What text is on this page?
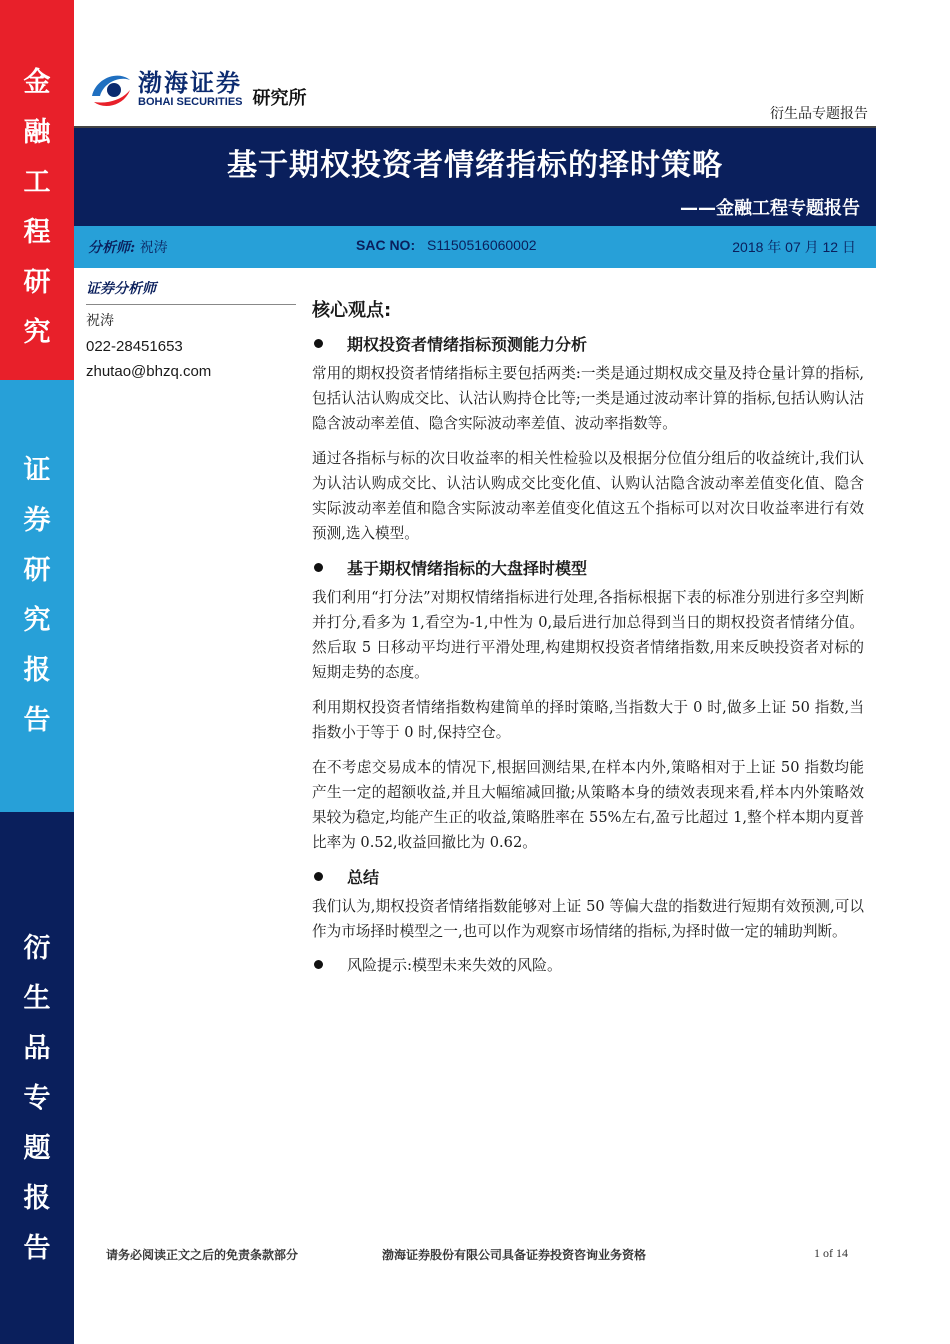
金
融
工
程
研
究
证
券
研
究
报
告
衍
生
品
专
题
报
告
渤海证券
BOHAI SECURITIES 研究所
衍生品专题报告
基于期权投资者情绪指标的择时策略
——金融工程专题报告
分析师: 祝涛	SAC NO: S1150516060002	2018 年 07 月 12 日
证券分析师
祝涛
022-28451653
zhutao@bhzq.com
核心观点:
期权投资者情绪指标预测能力分析

常用的期权投资者情绪指标主要包括两类:一类是通过期权成交量及持仓量计算的指标,包括认沽认购成交比、认沽认购持仓比等;一类是通过波动率计算的指标,包括认购认沽隐含波动率差值、隐含实际波动率差值、波动率指数等。

通过各指标与标的次日收益率的相关性检验以及根据分位值分组后的收益统计,我们认为认沽认购成交比、认沽认购成交比变化值、认购认沽隐含波动率差值变化值、隐含实际波动率差值和隐含实际波动率差值变化值这五个指标可以对次日收益率进行有效预测,选入模型。

基于期权情绪指标的大盘择时模型

我们利用“打分法”对期权情绪指标进行处理,各指标根据下表的标准分别进行多空判断并打分,看多为 1,看空为-1,中性为 0,最后进行加总得到当日的期权投资者情绪分值。然后取 5 日移动平均进行平滑处理,构建期权投资者情绪指数,用来反映投资者对标的短期走势的态度。

利用期权投资者情绪指数构建简单的择时策略,当指数大于 0 时,做多上证 50 指数,当指数小于等于 0 时,保持空仓。

在不考虑交易成本的情况下,根据回测结果,在样本内外,策略相对于上证 50 指数均能产生一定的超额收益,并且大幅缩减回撤;从策略本身的绩效表现来看,样本内外策略效果较为稳定,均能产生正的收益,策略胜率在 55%左右,盈亏比超过 1,整个样本期内夏普比率为 0.52,收益回撤比为 0.62。

总结

我们认为,期权投资者情绪指数能够对上证 50 等偏大盘的指数进行短期有效预测,可以作为市场择时模型之一,也可以作为观察市场情绪的指标,为择时做一定的辅助判断。

风险提示:模型未来失效的风险。
请务必阅读正文之后的免责条款部分	渤海证券股份有限公司具备证券投资咨询业务资格	1 of 14
